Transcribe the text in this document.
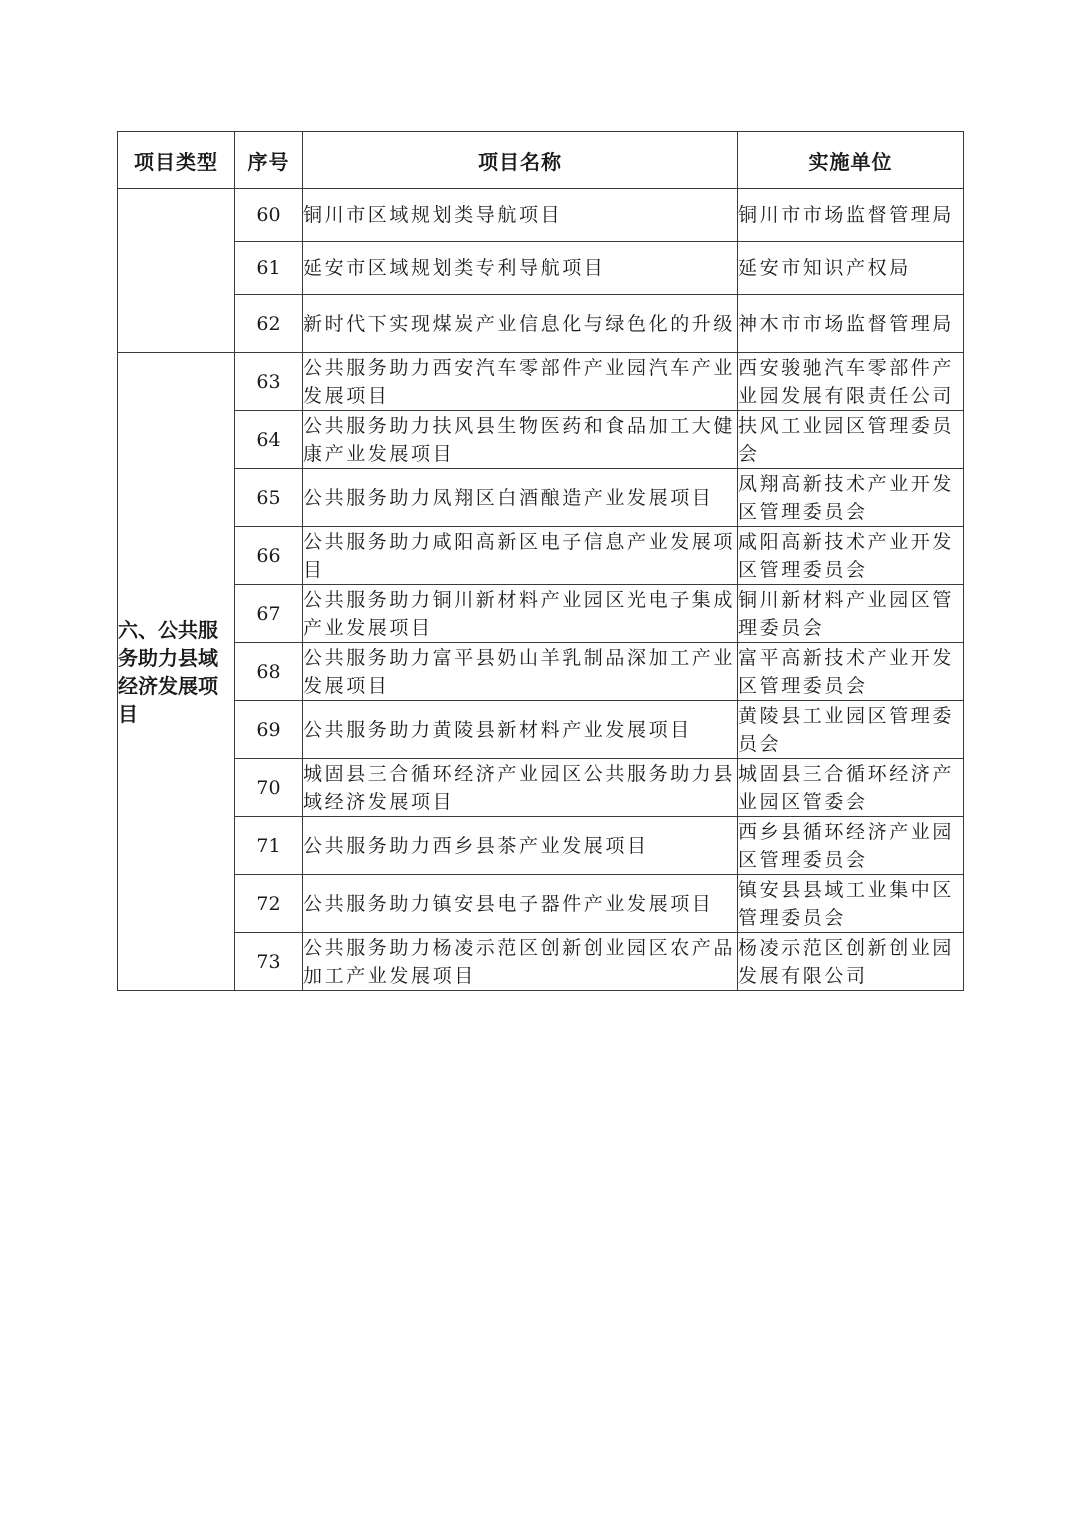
项目类型	序号	项目名称	实施单位
	60	铜川市区域规划类导航项目	铜川市市场监督管理局
	61	延安市区域规划类专利导航项目	延安市知识产权局
	62	新时代下实现煤炭产业信息化与绿色化的升级	神木市市场监督管理局
六、公共服务助力县域经济发展项目	63	公共服务助力西安汽车零部件产业园汽车产业发展项目	西安骏驰汽车零部件产业园发展有限责任公司
	64	公共服务助力扶风县生物医药和食品加工大健康产业发展项目	扶风工业园区管理委员会
	65	公共服务助力凤翔区白酒酿造产业发展项目	凤翔高新技术产业开发区管理委员会
	66	公共服务助力咸阳高新区电子信息产业发展项目	咸阳高新技术产业开发区管理委员会
	67	公共服务助力铜川新材料产业园区光电子集成产业发展项目	铜川新材料产业园区管理委员会
	68	公共服务助力富平县奶山羊乳制品深加工产业发展项目	富平高新技术产业开发区管理委员会
	69	公共服务助力黄陵县新材料产业发展项目	黄陵县工业园区管理委员会
	70	城固县三合循环经济产业园区公共服务助力县域经济发展项目	城固县三合循环经济产业园区管委会
	71	公共服务助力西乡县茶产业发展项目	西乡县循环经济产业园区管理委员会
	72	公共服务助力镇安县电子器件产业发展项目	镇安县县域工业集中区管理委员会
	73	公共服务助力杨凌示范区创新创业园区农产品加工产业发展项目	杨凌示范区创新创业园发展有限公司
